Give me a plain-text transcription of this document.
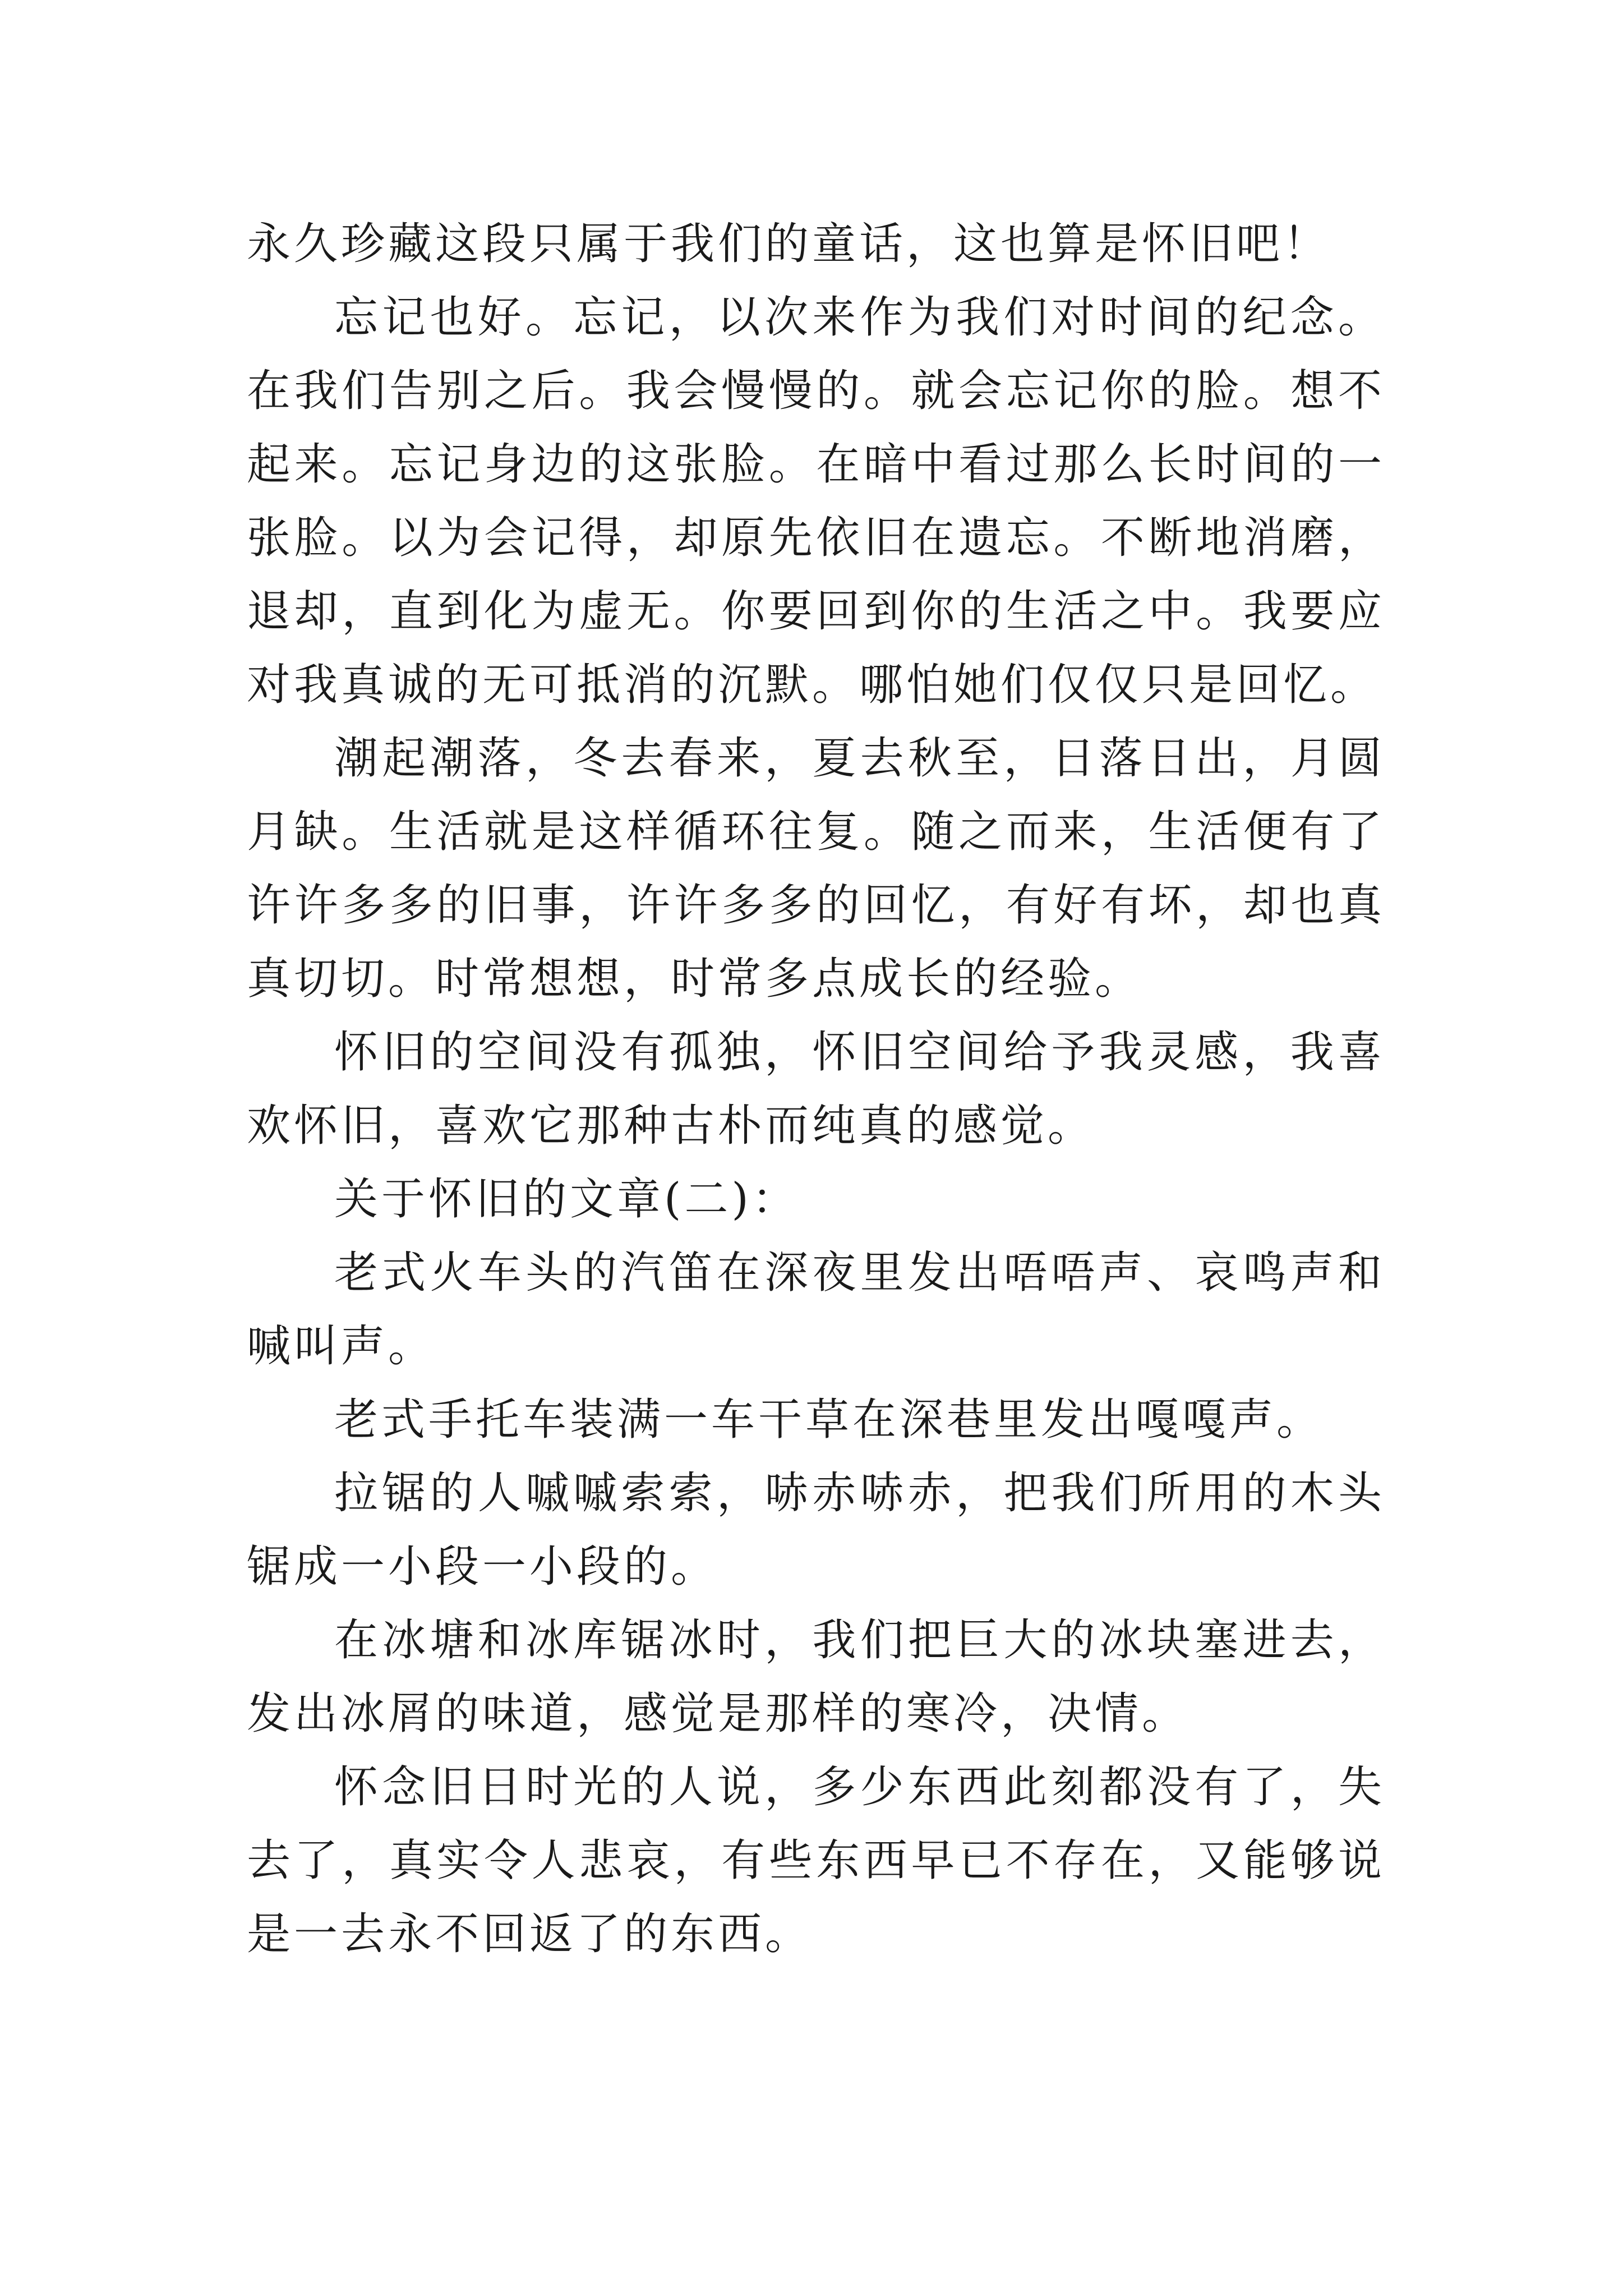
永久珍藏这段只属于我们的童话，这也算是怀旧吧！

忘记也好。忘记，以次来作为我们对时间的纪念。在我们告别之后。我会慢慢的。就会忘记你的脸。想不起来。忘记身边的这张脸。在暗中看过那么长时间的一张脸。以为会记得，却原先依旧在遗忘。不断地消磨，退却，直到化为虚无。你要回到你的生活之中。我要应对我真诚的无可抵消的沉默。哪怕她们仅仅只是回忆。

潮起潮落，冬去春来，夏去秋至，日落日出，月圆月缺。生活就是这样循环往复。随之而来，生活便有了许许多多的旧事，许许多多的回忆，有好有坏，却也真真切切。时常想想，时常多点成长的经验。

怀旧的空间没有孤独，怀旧空间给予我灵感，我喜欢怀旧，喜欢它那种古朴而纯真的感觉。

关于怀旧的文章(二)：

老式火车头的汽笛在深夜里发出唔唔声、哀鸣声和喊叫声。

老式手托车装满一车干草在深巷里发出嘎嘎声。

拉锯的人嘁嘁索索，哧赤哧赤，把我们所用的木头锯成一小段一小段的。

在冰塘和冰库锯冰时，我们把巨大的冰块塞进去，发出冰屑的味道，感觉是那样的寒冷，决情。

怀念旧日时光的人说，多少东西此刻都没有了，失去了，真实令人悲哀，有些东西早已不存在，又能够说是一去永不回返了的东西。
